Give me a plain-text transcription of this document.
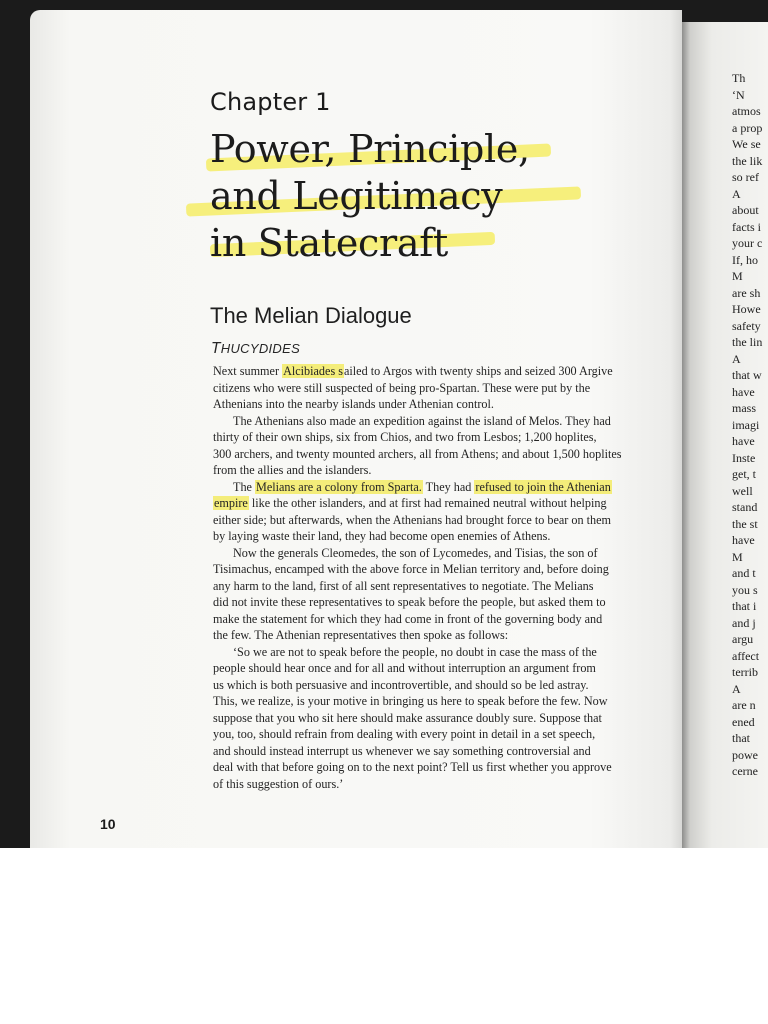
Th
‘N
atmos
a prop
We se
the lik
so ref
A
about
facts i
your c
If, ho
M
are sh
Howe
safety
the lin
A
that w
have
mass
imagi
have
Inste
get, t
well
stand
the st
have
M
and t
you s
that i
and j
argu
affect
terrib
A
are n
ened
that
powe
cerne
Chapter 1
Power, Principle,
and Legitimacy
in Statecraft
The Melian Dialogue
THUCYDIDES
Next summer Alcibiades sailed to Argos with twenty ships and seized 300 Argive
citizens who were still suspected of being pro-Spartan. These were put by the
Athenians into the nearby islands under Athenian control.
The Athenians also made an expedition against the island of Melos. They had
thirty of their own ships, six from Chios, and two from Lesbos; 1,200 hoplites,
300 archers, and twenty mounted archers, all from Athens; and about 1,500 hoplites
from the allies and the islanders.
The Melians are a colony from Sparta. They had refused to join the Athenian
empire like the other islanders, and at first had remained neutral without helping
either side; but afterwards, when the Athenians had brought force to bear on them
by laying waste their land, they had become open enemies of Athens.
Now the generals Cleomedes, the son of Lycomedes, and Tisias, the son of
Tisimachus, encamped with the above force in Melian territory and, before doing
any harm to the land, first of all sent representatives to negotiate. The Melians
did not invite these representatives to speak before the people, but asked them to
make the statement for which they had come in front of the governing body and
the few. The Athenian representatives then spoke as follows:
‘So we are not to speak before the people, no doubt in case the mass of the
people should hear once and for all and without interruption an argument from
us which is both persuasive and incontrovertible, and should so be led astray.
This, we realize, is your motive in bringing us here to speak before the few. Now
suppose that you who sit here should make assurance doubly sure. Suppose that
you, too, should refrain from dealing with every point in detail in a set speech,
and should instead interrupt us whenever we say something controversial and
deal with that before going on to the next point? Tell us first whether you approve
of this suggestion of ours.’
10
